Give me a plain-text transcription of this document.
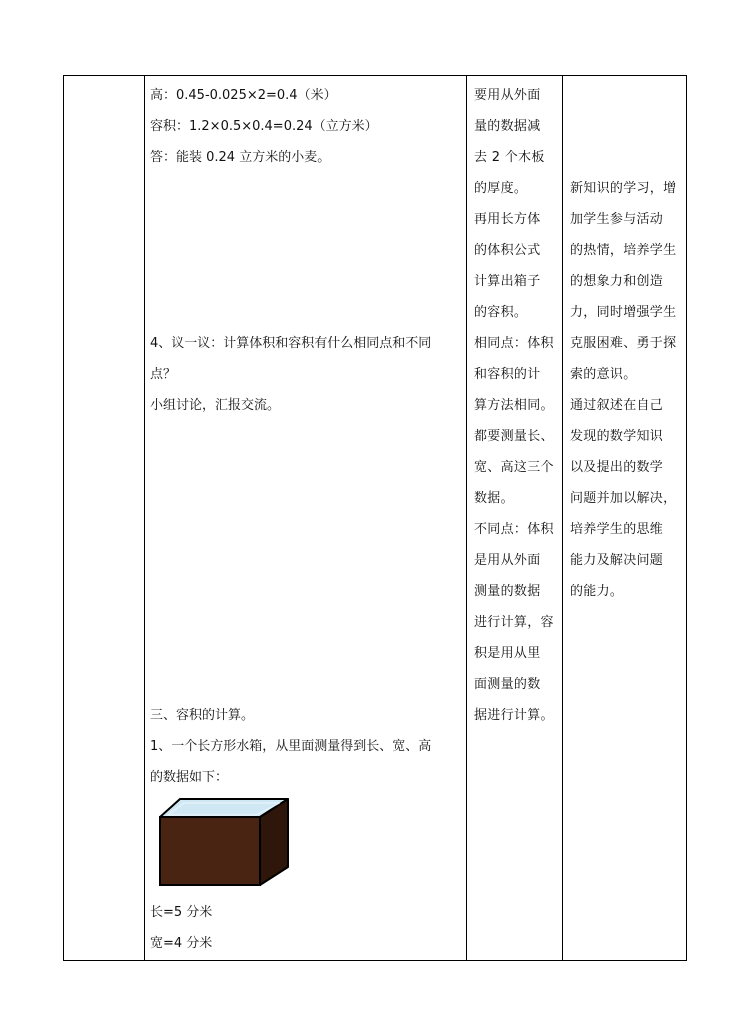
高：0.45-0.025×2=0.4（米）
容积：1.2×0.5×0.4=0.24（立方米）
答：能装 0.24 立方米的小麦。
4、议一议：计算体积和容积有什么相同点和不同
点？
小组讨论，汇报交流。
三、容积的计算。
1、一个长方形水箱，从里面测量得到长、宽、高
的数据如下：
长=5 分米
宽=4 分米

要用从外面
量的数据减
去 2 个木板
的厚度。
再用长方体
的体积公式
计算出箱子
的容积。
相同点：体积
和容积的计
算方法相同。
都要测量长、
宽、高这三个
数据。
不同点：体积
是用从外面
测量的数据
进行计算，容
积是用从里
面测量的数
据进行计算。

新知识的学习，增
加学生参与活动
的热情，培养学生
的想象力和创造
力，同时增强学生
克服困难、勇于探
索的意识。
通过叙述在自己
发现的数学知识
以及提出的数学
问题并加以解决，
培养学生的思维
能力及解决问题
的能力。
